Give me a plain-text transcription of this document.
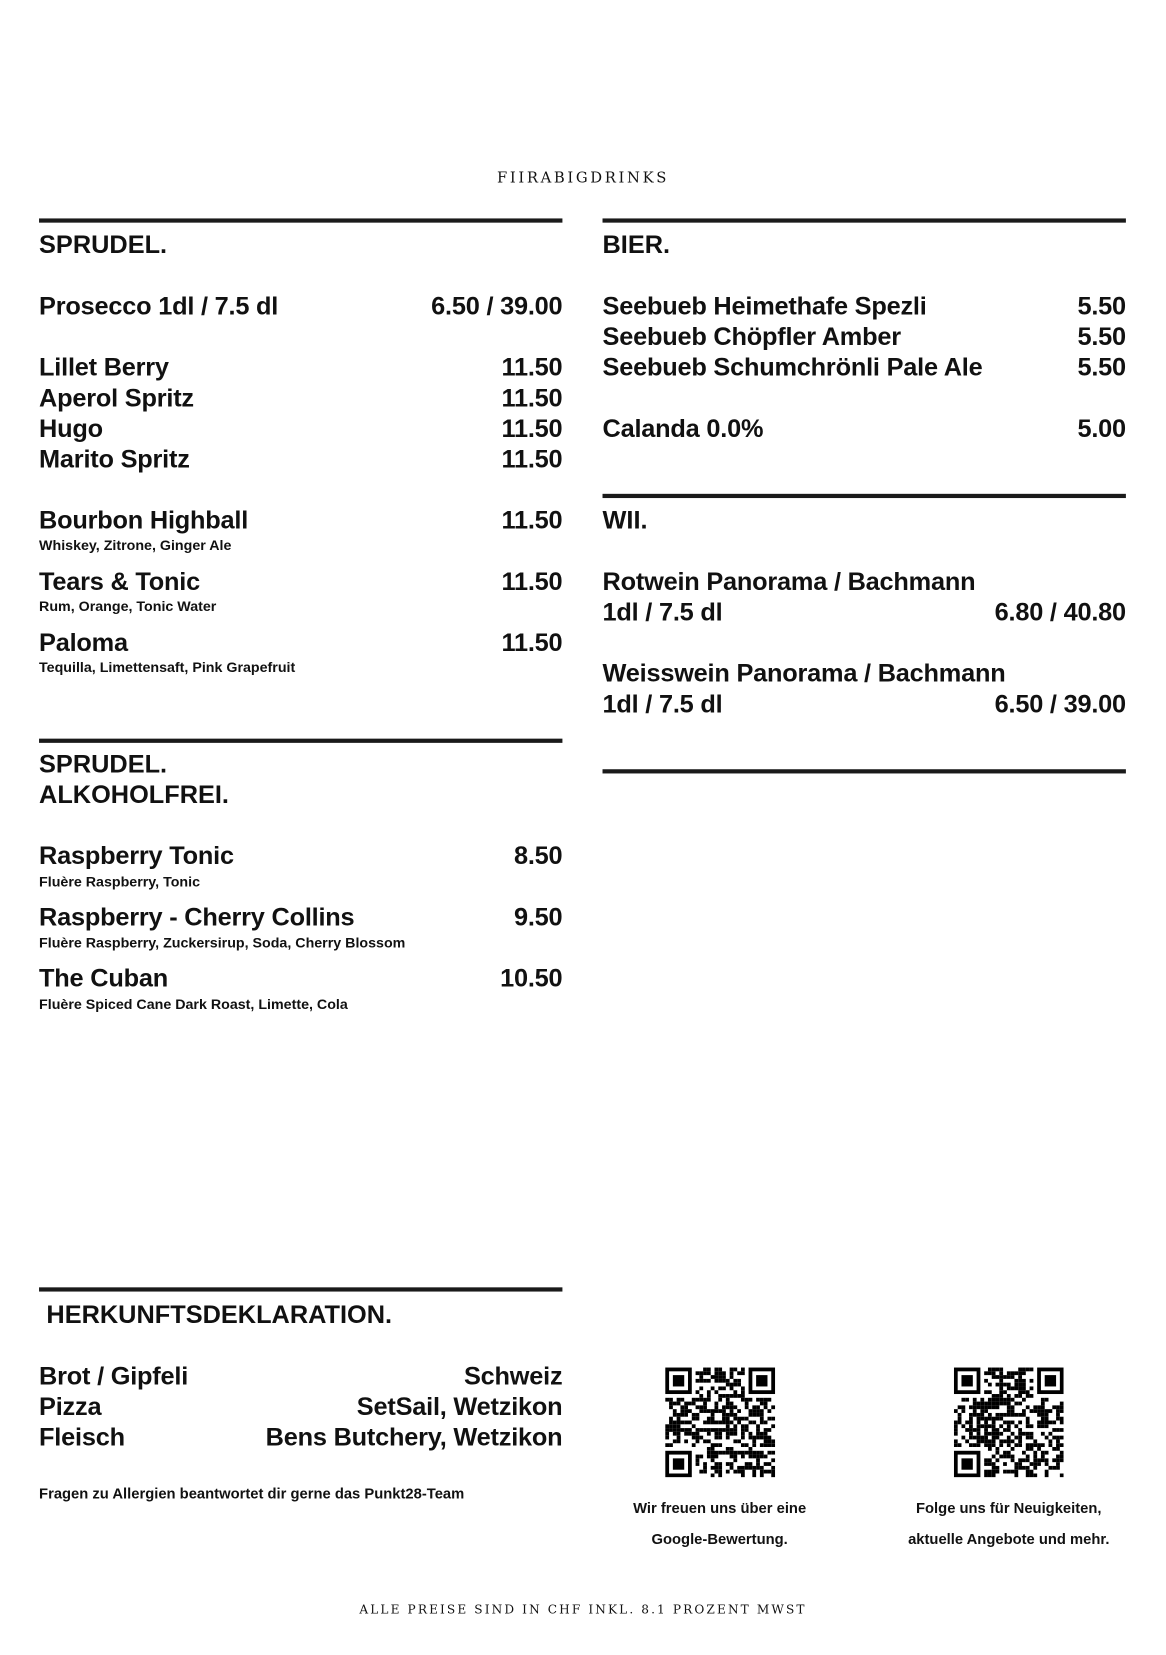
FIIRABIGDRINKS
SPRUDEL.
Prosecco 1dl / 7.5 dl	6.50 / 39.00
Lillet Berry	11.50
Aperol Spritz	11.50
Hugo	11.50
Marito Spritz	11.50
Bourbon Highball	11.50
Whiskey, Zitrone, Ginger Ale
Tears & Tonic	11.50
Rum, Orange, Tonic Water
Paloma	11.50
Tequilla, Limettensaft, Pink Grapefruit
SPRUDEL.
ALKOHOLFREI.
Raspberry Tonic	8.50
Fluère Raspberry, Tonic
Raspberry - Cherry Collins	9.50
Fluère Raspberry, Zuckersirup, Soda, Cherry Blossom
The Cuban	10.50
Fluère Spiced Cane Dark Roast, Limette, Cola
BIER.
Seebueb Heimethafe Spezli	5.50
Seebueb Chöpfler Amber	5.50
Seebueb Schumchrönli Pale Ale	5.50
Calanda 0.0%	5.00
WII.
Rotwein Panorama / Bachmann
1dl / 7.5 dl	6.80 / 40.80
Weisswein Panorama / Bachmann
1dl / 7.5 dl	6.50 / 39.00
HERKUNFTSDEKLARATION.
Brot / Gipfeli	Schweiz
Pizza	SetSail, Wetzikon
Fleisch	Bens Butchery, Wetzikon
Fragen zu Allergien beantwortet dir gerne das Punkt28-Team
Wir freuen uns über eine
Google-Bewertung.
Folge uns für Neuigkeiten,
aktuelle Angebote und mehr.
ALLE PREISE SIND IN CHF INKL. 8.1 PROZENT MWST
